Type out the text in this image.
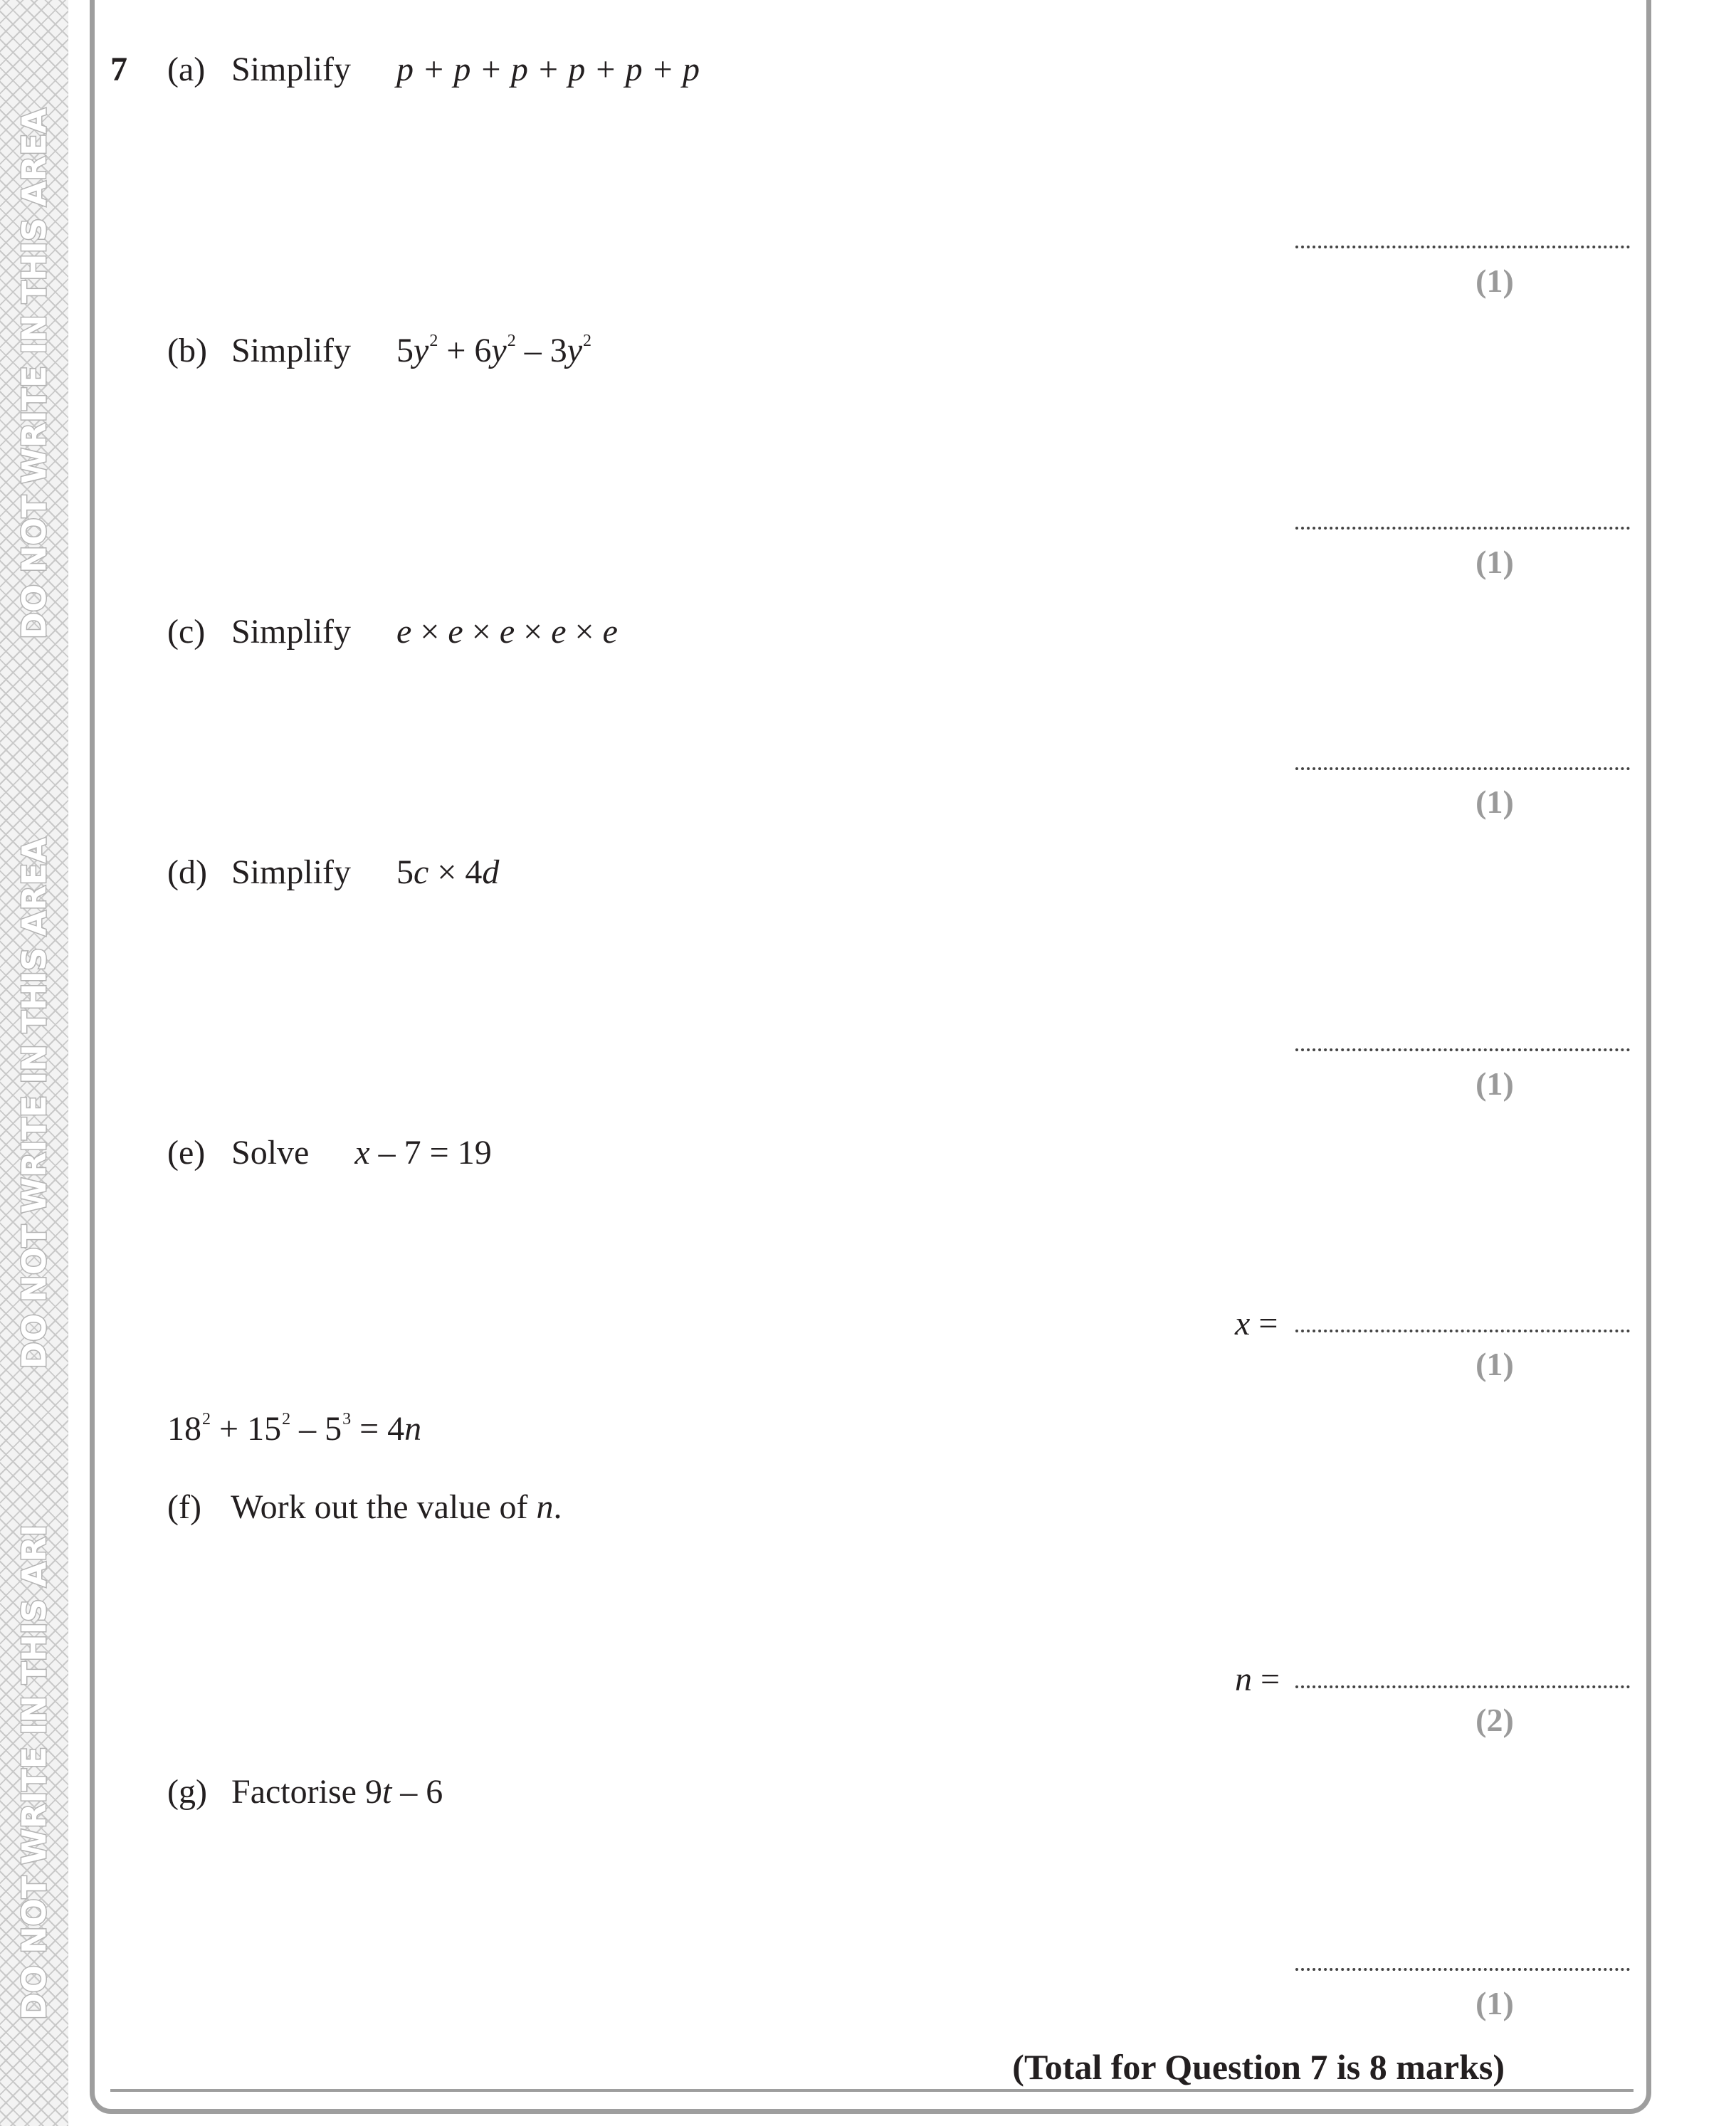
DO NOT WRITE IN THIS AREA
DO NOT WRITE IN THIS AREA
DO NOT WRITE IN THIS ARI
7 (a) Simplify p + p + p + p + p + p
(1)
(b) Simplify $5y^2 + 6y^2 - 3y^2$
(1)
(c) Simplify e × e × e × e × e
(1)
(d) Simplify 5c × 4d
(1)
(e) Solve x – 7 = 19
x =
(1)
$18^2 + 15^2 - 5^3 = 4n$
(f) Work out the value of n.
n =
(2)
(g) Factorise 9t – 6
(1)
(Total for Question 7 is 8 marks)
